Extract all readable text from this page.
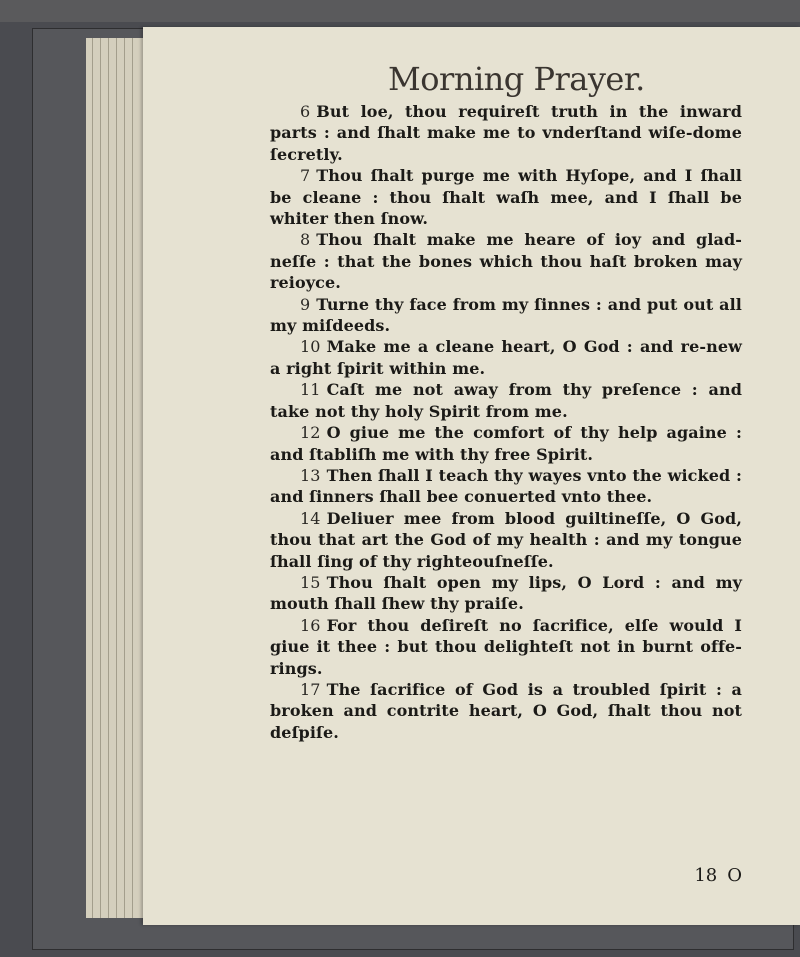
Morning Prayer.

6 But loe, thou requireſt truth in the inward parts : and ſhalt make me to vnderſtand wiſe-dome ſecretly.

7 Thou ſhalt purge me with Hyſope, and I ſhall be cleane : thou ſhalt waſh mee, and I ſhall be whiter then ſnow.

8 Thou ſhalt make me heare of ioy and glad-neſſe : that the bones which thou haſt broken may reioyce.

9 Turne thy face from my ſinnes : and put out all my miſdeeds.

10 Make me a cleane heart, O God : and re-new a right ſpirit within me.

11 Caſt me not away from thy preſence : and take not thy holy Spirit from me.

12 O giue me the comfort of thy help againe : and ſtabliſh me with thy free Spirit.

13 Then ſhall I teach thy wayes vnto the wicked : and ſinners ſhall bee conuerted vnto thee.

14 Deliuer mee from blood guiltineſſe, O God, thou that art the God of my health : and my tongue ſhall ſing of thy righteouſneſſe.

15 Thou ſhalt open my lips, O Lord : and my mouth ſhall ſhew thy praiſe.

16 For thou deſireſt no ſacrifice, elſe would I giue it thee : but thou delighteſt not in burnt offe-rings.

17 The ſacrifice of God is a troubled ſpirit : a broken and contrite heart, O God, ſhalt thou not deſpiſe.

18 O
